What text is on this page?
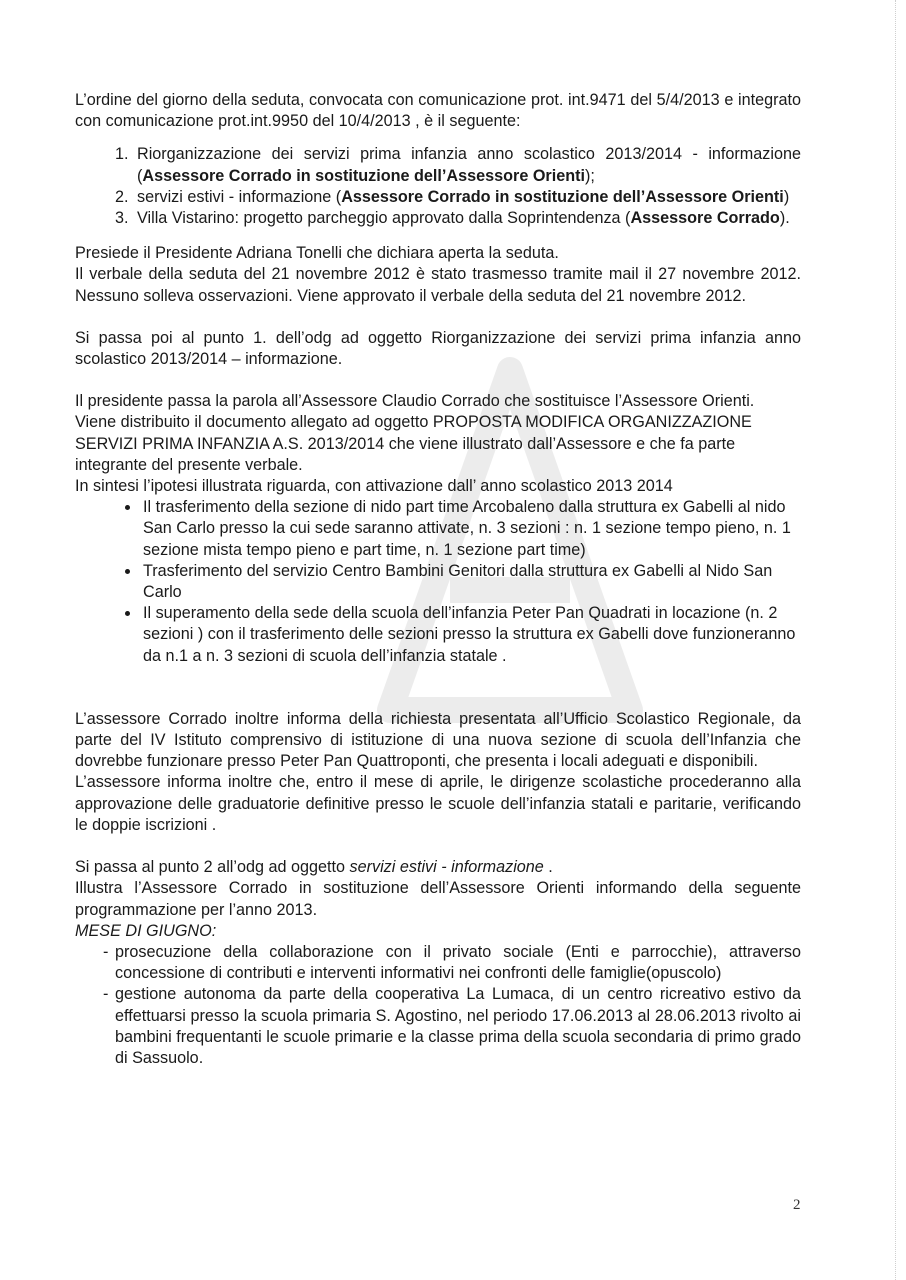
L’ordine del giorno della seduta, convocata con comunicazione prot. int.9471 del 5/4/2013 e integrato con comunicazione prot.int.9950 del 10/4/2013 , è il seguente:

1. Riorganizzazione dei servizi prima infanzia anno scolastico 2013/2014 - informazione (Assessore Corrado in sostituzione dell’Assessore Orienti);
2. servizi estivi - informazione (Assessore Corrado in sostituzione dell’Assessore Orienti)
3. Villa Vistarino: progetto parcheggio approvato dalla Soprintendenza (Assessore Corrado).

Presiede il Presidente Adriana Tonelli che dichiara aperta la seduta.

Il verbale della seduta del 21 novembre 2012 è stato trasmesso tramite mail il 27 novembre 2012. Nessuno solleva osservazioni. Viene approvato il verbale della seduta del 21 novembre 2012.

Si passa poi al punto 1. dell’odg ad oggetto Riorganizzazione dei servizi prima infanzia anno scolastico 2013/2014 – informazione.

Il presidente passa la parola all’Assessore Claudio Corrado che sostituisce l’Assessore Orienti.

Viene distribuito il documento allegato ad oggetto PROPOSTA MODIFICA ORGANIZZAZIONE SERVIZI PRIMA INFANZIA A.S. 2013/2014 che viene illustrato dall’Assessore e che fa parte integrante del presente verbale.

In sintesi l’ipotesi illustrata riguarda, con attivazione dall’ anno scolastico 2013 2014

• Il trasferimento della sezione di nido part time Arcobaleno dalla struttura ex Gabelli al nido San Carlo presso la cui sede saranno attivate, n. 3 sezioni : n. 1 sezione tempo pieno, n. 1 sezione mista tempo pieno e part time, n. 1 sezione part time)
• Trasferimento del servizio Centro Bambini Genitori dalla struttura ex Gabelli al Nido San Carlo
• Il superamento della sede della scuola dell’infanzia Peter Pan Quadrati in locazione (n. 2 sezioni ) con il trasferimento delle sezioni presso la struttura ex Gabelli dove funzioneranno da n.1 a n. 3 sezioni di scuola dell’infanzia statale .

L’assessore Corrado inoltre informa della richiesta presentata all’Ufficio Scolastico Regionale, da parte del IV Istituto comprensivo di istituzione di una nuova sezione di scuola dell’Infanzia che dovrebbe funzionare presso Peter Pan Quattroponti, che presenta i locali adeguati e disponibili.

L’assessore informa inoltre che, entro il mese di aprile, le dirigenze scolastiche procederanno alla approvazione delle graduatorie definitive presso le scuole dell’infanzia statali e paritarie, verificando le doppie iscrizioni .

Si passa al punto 2 all’odg ad oggetto servizi estivi - informazione .

Illustra l’Assessore Corrado in sostituzione dell’Assessore Orienti informando della seguente programmazione per l’anno 2013.

MESE DI GIUGNO:

- prosecuzione della collaborazione con il privato sociale (Enti e parrocchie), attraverso concessione di contributi e interventi informativi nei confronti delle famiglie(opuscolo)
- gestione autonoma da parte della cooperativa La Lumaca, di un centro ricreativo estivo da effettuarsi presso la scuola primaria S. Agostino, nel periodo 17.06.2013 al 28.06.2013 rivolto ai bambini frequentanti le scuole primarie e la classe prima della scuola secondaria di primo grado di Sassuolo.
2
